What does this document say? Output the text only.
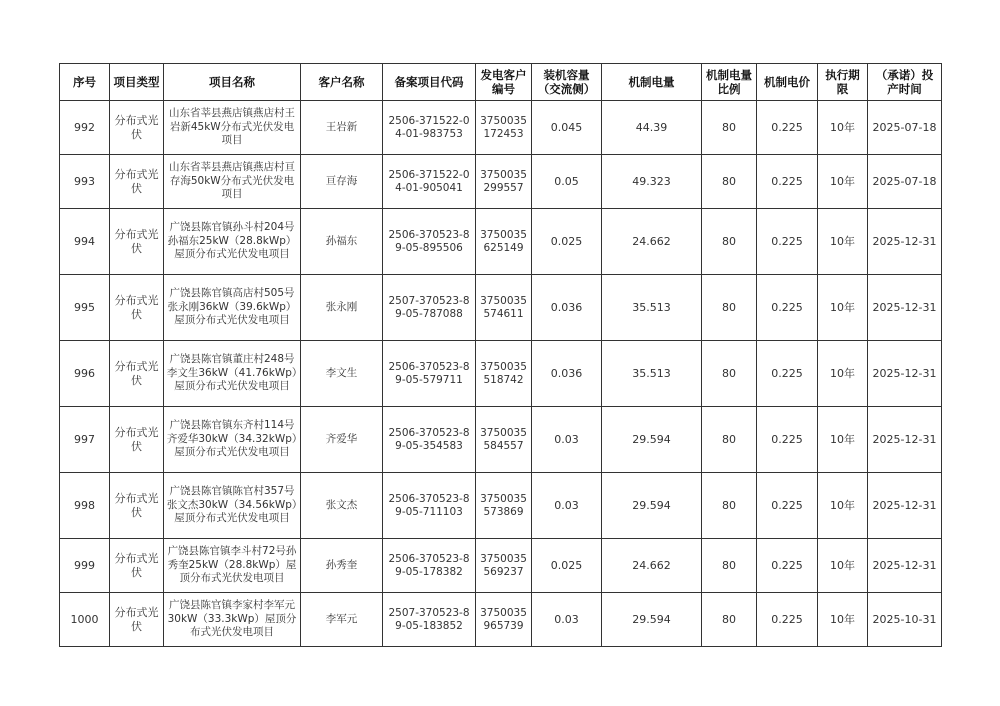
序号	项目类型	项目名称	客户名称	备案项目代码	发电客户编号	装机容量（交流侧）	机制电量	机制电量比例	机制电价	执行期限	（承诺）投产时间

992	分布式光伏	山东省莘县燕店镇燕店村王岩新45kW分布式光伏发电项目	王岩新	2506-371522-04-01-983753	3750035172453	0.045	44.39	80	0.225	10年	2025-07-18
993	分布式光伏	山东省莘县燕店镇燕店村亘存海50kW分布式光伏发电项目	亘存海	2506-371522-04-01-905041	3750035299557	0.05	49.323	80	0.225	10年	2025-07-18
994	分布式光伏	广饶县陈官镇孙斗村204号孙福东25kW（28.8kWp）屋顶分布式光伏发电项目	孙福东	2506-370523-89-05-895506	3750035625149	0.025	24.662	80	0.225	10年	2025-12-31
995	分布式光伏	广饶县陈官镇高店村505号张永刚36kW（39.6kWp）屋顶分布式光伏发电项目	张永刚	2507-370523-89-05-787088	3750035574611	0.036	35.513	80	0.225	10年	2025-12-31
996	分布式光伏	广饶县陈官镇董庄村248号李文生36kW（41.76kWp）屋顶分布式光伏发电项目	李文生	2506-370523-89-05-579711	3750035518742	0.036	35.513	80	0.225	10年	2025-12-31
997	分布式光伏	广饶县陈官镇东齐村114号齐爱华30kW（34.32kWp）屋顶分布式光伏发电项目	齐爱华	2506-370523-89-05-354583	3750035584557	0.03	29.594	80	0.225	10年	2025-12-31
998	分布式光伏	广饶县陈官镇陈官村357号张文杰30kW（34.56kWp）屋顶分布式光伏发电项目	张文杰	2506-370523-89-05-711103	3750035573869	0.03	29.594	80	0.225	10年	2025-12-31
999	分布式光伏	广饶县陈官镇李斗村72号孙秀奎25kW（28.8kWp）屋顶分布式光伏发电项目	孙秀奎	2506-370523-89-05-178382	3750035569237	0.025	24.662	80	0.225	10年	2025-12-31
1000	分布式光伏	广饶县陈官镇李家村李军元30kW（33.3kWp）屋顶分布式光伏发电项目	李军元	2507-370523-89-05-183852	3750035965739	0.03	29.594	80	0.225	10年	2025-10-31
